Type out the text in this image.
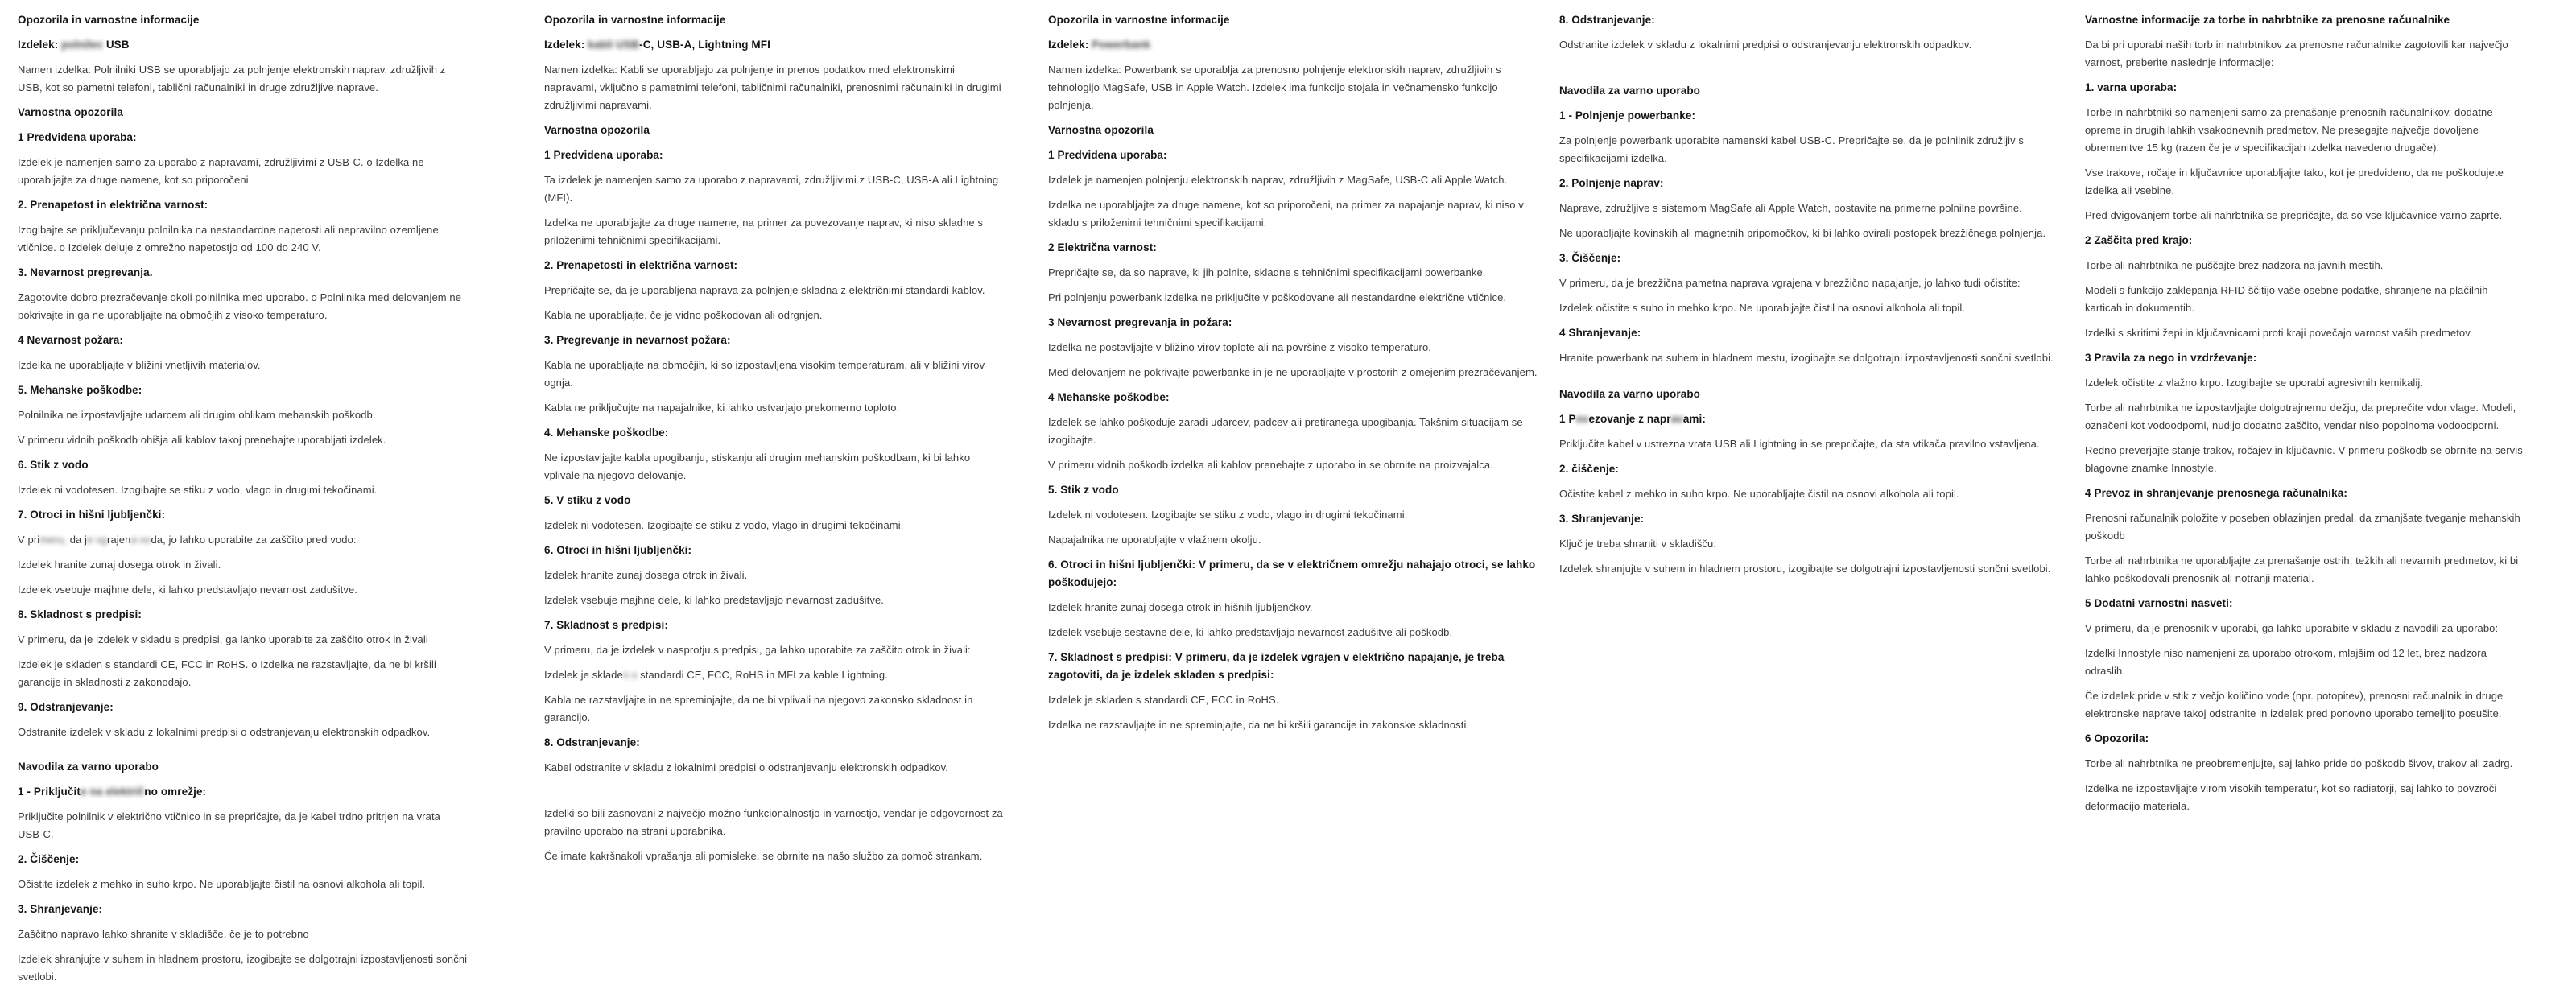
Opozorila in varnostne informacije
Izdelek: polnilec USB

Namen izdelka: Polnilniki USB se uporabljajo za polnjenje elektronskih naprav, združljivih z USB, kot so pametni telefoni, tablični računalniki in druge združljive naprave.

Varnostna opozorila
1 Predvidena uporaba:

Izdelek je namenjen samo za uporabo z napravami, združljivimi z USB-C. o Izdelka ne uporabljajte za druge namene, kot so priporočeni.

2. Prenapetost in električna varnost:

Izogibajte se priključevanju polnilnika na nestandardne napetosti ali nepravilno ozemljene vtičnice. o Izdelek deluje z omrežno napetostjo od 100 do 240 V.

3. Nevarnost pregrevanja.

Zagotovite dobro prezračevanje okoli polnilnika med uporabo. o Polnilnika med delovanjem ne pokrivajte in ga ne uporabljajte na območjih z visoko temperaturo.

4 Nevarnost požara:

Izdelka ne uporabljajte v bližini vnetljivih materialov.

5. Mehanske poškodbe:

Polnilnika ne izpostavljajte udarcem ali drugim oblikam mehanskih poškodb.

V primeru vidnih poškodb ohišja ali kablov takoj prenehajte uporabljati izdelek.

6. Stik z vodo

Izdelek ni vodotesen. Izogibajte se stiku z vodo, vlago in drugimi tekočinami.

7. Otroci in hišni ljubljenčki:

V primeru, da je vgrajena voda, jo lahko uporabite za zaščito pred vodo:

Izdelek hranite zunaj dosega otrok in živali.

Izdelek vsebuje majhne dele, ki lahko predstavljajo nevarnost zadušitve.

8. Skladnost s predpisi:

V primeru, da je izdelek v skladu s predpisi, ga lahko uporabite za zaščito otrok in živali

Izdelek je skladen s standardi CE, FCC in RoHS. o Izdelka ne razstavljajte, da ne bi kršili garancije in skladnosti z zakonodajo.

9. Odstranjevanje:

Odstranite izdelek v skladu z lokalnimi predpisi o odstranjevanju elektronskih odpadkov.

Navodila za varno uporabo
1 - Priključite na električno omrežje:

Priključite polnilnik v električno vtičnico in se prepričajte, da je kabel trdno pritrjen na vrata USB-C.

2. Čiščenje:

Očistite izdelek z mehko in suho krpo. Ne uporabljajte čistil na osnovi alkohola ali topil.

3. Shranjevanje:

Zaščitno napravo lahko shranite v skladišče, če je to potrebno

Izdelek shranjujte v suhem in hladnem prostoru, izogibajte se dolgotrajni izpostavljenosti sončni svetlobi.

Opozorila in varnostne informacije
Izdelek: kabli USB-C, USB-A, Lightning MFI

Namen izdelka: Kabli se uporabljajo za polnjenje in prenos podatkov med elektronskimi napravami, vključno s pametnimi telefoni, tabličnimi računalniki, prenosnimi računalniki in drugimi združljivimi napravami.

Varnostna opozorila
1 Predvidena uporaba:

Ta izdelek je namenjen samo za uporabo z napravami, združljivimi z USB-C, USB-A ali Lightning (MFI).

Izdelka ne uporabljajte za druge namene, na primer za povezovanje naprav, ki niso skladne s priloženimi tehničnimi specifikacijami.

2. Prenapetosti in električna varnost:

Prepričajte se, da je uporabljena naprava za polnjenje skladna z električnimi standardi kablov.

Kabla ne uporabljajte, če je vidno poškodovan ali odrgnjen.

3. Pregrevanje in nevarnost požara:

Kabla ne uporabljajte na območjih, ki so izpostavljena visokim temperaturam, ali v bližini virov ognja.

Kabla ne priključujte na napajalnike, ki lahko ustvarjajo prekomerno toploto.

4. Mehanske poškodbe:

Ne izpostavljajte kabla upogibanju, stiskanju ali drugim mehanskim poškodbam, ki bi lahko vplivale na njegovo delovanje.

5. V stiku z vodo

Izdelek ni vodotesen. Izogibajte se stiku z vodo, vlago in drugimi tekočinami.

6. Otroci in hišni ljubljenčki:

Izdelek hranite zunaj dosega otrok in živali.

Izdelek vsebuje majhne dele, ki lahko predstavljajo nevarnost zadušitve.

7. Skladnost s predpisi:

V primeru, da je izdelek v nasprotju s predpisi, ga lahko uporabite za zaščito otrok in živali:

Izdelek je skladen s standardi CE, FCC, RoHS in MFI za kable Lightning.

Kabla ne razstavljajte in ne spreminjajte, da ne bi vplivali na njegovo zakonsko skladnost in garancijo.

8. Odstranjevanje:

Kabel odstranite v skladu z lokalnimi predpisi o odstranjevanju elektronskih odpadkov.

Izdelki so bili zasnovani z največjo možno funkcionalnostjo in varnostjo, vendar je odgovornost za pravilno uporabo na strani uporabnika.

Če imate kakršnakoli vprašanja ali pomisleke, se obrnite na našo službo za pomoč strankam.

Opozorila in varnostne informacije
Izdelek: Powerbank

Namen izdelka: Powerbank se uporablja za prenosno polnjenje elektronskih naprav, združljivih s tehnologijo MagSafe, USB in Apple Watch. Izdelek ima funkcijo stojala in večnamensko funkcijo polnjenja.

Varnostna opozorila
1 Predvidena uporaba:

Izdelek je namenjen polnjenju elektronskih naprav, združljivih z MagSafe, USB-C ali Apple Watch.

Izdelka ne uporabljajte za druge namene, kot so priporočeni, na primer za napajanje naprav, ki niso v skladu s priloženimi tehničnimi specifikacijami.

2 Električna varnost:

Prepričajte se, da so naprave, ki jih polnite, skladne s tehničnimi specifikacijami powerbanke.

Pri polnjenju powerbank izdelka ne priključite v poškodovane ali nestandardne električne vtičnice.

3 Nevarnost pregrevanja in požara:

Izdelka ne postavljajte v bližino virov toplote ali na površine z visoko temperaturo.

Med delovanjem ne pokrivajte powerbanke in je ne uporabljajte v prostorih z omejenim prezračevanjem.

4 Mehanske poškodbe:

Izdelek se lahko poškoduje zaradi udarcev, padcev ali pretiranega upogibanja. Takšnim situacijam se izogibajte.

V primeru vidnih poškodb izdelka ali kablov prenehajte z uporabo in se obrnite na proizvajalca.

5. Stik z vodo

Izdelek ni vodotesen. Izogibajte se stiku z vodo, vlago in drugimi tekočinami.

Napajalnika ne uporabljajte v vlažnem okolju.

6. Otroci in hišni ljubljenčki: V primeru, da se v električnem omrežju nahajajo otroci, se lahko poškodujejo:

Izdelek hranite zunaj dosega otrok in hišnih ljubljenčkov.

Izdelek vsebuje sestavne dele, ki lahko predstavljajo nevarnost zadušitve ali poškodb.

7. Skladnost s predpisi: V primeru, da je izdelek vgrajen v električno napajanje, je treba zagotoviti, da je izdelek skladen s predpisi:

Izdelek je skladen s standardi CE, FCC in RoHS.

Izdelka ne razstavljajte in ne spreminjajte, da ne bi kršili garancije in zakonske skladnosti.

8. Odstranjevanje:

Odstranite izdelek v skladu z lokalnimi predpisi o odstranjevanju elektronskih odpadkov.

Navodila za varno uporabo
1 - Polnjenje powerbanke:

Za polnjenje powerbank uporabite namenski kabel USB-C. Prepričajte se, da je polnilnik združljiv s specifikacijami izdelka.

2. Polnjenje naprav:

Naprave, združljive s sistemom MagSafe ali Apple Watch, postavite na primerne polnilne površine.

Ne uporabljajte kovinskih ali magnetnih pripomočkov, ki bi lahko ovirali postopek brezžičnega polnjenja.

3. Čiščenje:

V primeru, da je brezžična pametna naprava vgrajena v brezžično napajanje, jo lahko tudi očistite:

Izdelek očistite s suho in mehko krpo. Ne uporabljajte čistil na osnovi alkohola ali topil.

4 Shranjevanje:

Hranite powerbank na suhem in hladnem mestu, izogibajte se dolgotrajni izpostavljenosti sončni svetlobi.

Navodila za varno uporabo
1 Povezovanje z napravami:

Priključite kabel v ustrezna vrata USB ali Lightning in se prepričajte, da sta vtikača pravilno vstavljena.

2. čiščenje:

Očistite kabel z mehko in suho krpo. Ne uporabljajte čistil na osnovi alkohola ali topil.

3. Shranjevanje:

Ključ je treba shraniti v skladišču:

Izdelek shranjujte v suhem in hladnem prostoru, izogibajte se dolgotrajni izpostavljenosti sončni svetlobi.

Varnostne informacije za torbe in nahrbtnike za prenosne računalnike

Da bi pri uporabi naših torb in nahrbtnikov za prenosne računalnike zagotovili kar največjo varnost, preberite naslednje informacije:

1. varna uporaba:

Torbe in nahrbtniki so namenjeni samo za prenašanje prenosnih računalnikov, dodatne opreme in drugih lahkih vsakodnevnih predmetov. Ne presegajte največje dovoljene obremenitve 15 kg (razen če je v specifikacijah izdelka navedeno drugače).

Vse trakove, ročaje in ključavnice uporabljajte tako, kot je predvideno, da ne poškodujete izdelka ali vsebine.

Pred dvigovanjem torbe ali nahrbtnika se prepričajte, da so vse ključavnice varno zaprte.

2 Zaščita pred krajo:

Torbe ali nahrbtnika ne puščajte brez nadzora na javnih mestih.

Modeli s funkcijo zaklepanja RFID ščitijo vaše osebne podatke, shranjene na plačilnih karticah in dokumentih.

Izdelki s skritimi žepi in ključavnicami proti kraji povečajo varnost vaših predmetov.

3 Pravila za nego in vzdrževanje:

Izdelek očistite z vlažno krpo. Izogibajte se uporabi agresivnih kemikalij.

Torbe ali nahrbtnika ne izpostavljajte dolgotrajnemu dežju, da preprečite vdor vlage. Modeli, označeni kot vodoodporni, nudijo dodatno zaščito, vendar niso popolnoma vodoodporni.

Redno preverjajte stanje trakov, ročajev in ključavnic. V primeru poškodb se obrnite na servis blagovne znamke Innostyle.

4 Prevoz in shranjevanje prenosnega računalnika:

Prenosni računalnik položite v poseben oblazinjen predal, da zmanjšate tveganje mehanskih poškodb

Torbe ali nahrbtnika ne uporabljajte za prenašanje ostrih, težkih ali nevarnih predmetov, ki bi lahko poškodovali prenosnik ali notranji material.

5 Dodatni varnostni nasveti:

V primeru, da je prenosnik v uporabi, ga lahko uporabite v skladu z navodili za uporabo:

Izdelki Innostyle niso namenjeni za uporabo otrokom, mlajšim od 12 let, brez nadzora odraslih.

Če izdelek pride v stik z večjo količino vode (npr. potopitev), prenosni računalnik in druge elektronske naprave takoj odstranite in izdelek pred ponovno uporabo temeljito posušite.

6 Opozorila:

Torbe ali nahrbtnika ne preobremenjujte, saj lahko pride do poškodb šivov, trakov ali zadrg.

Izdelka ne izpostavljajte virom visokih temperatur, kot so radiatorji, saj lahko to povzroči deformacijo materiala.
